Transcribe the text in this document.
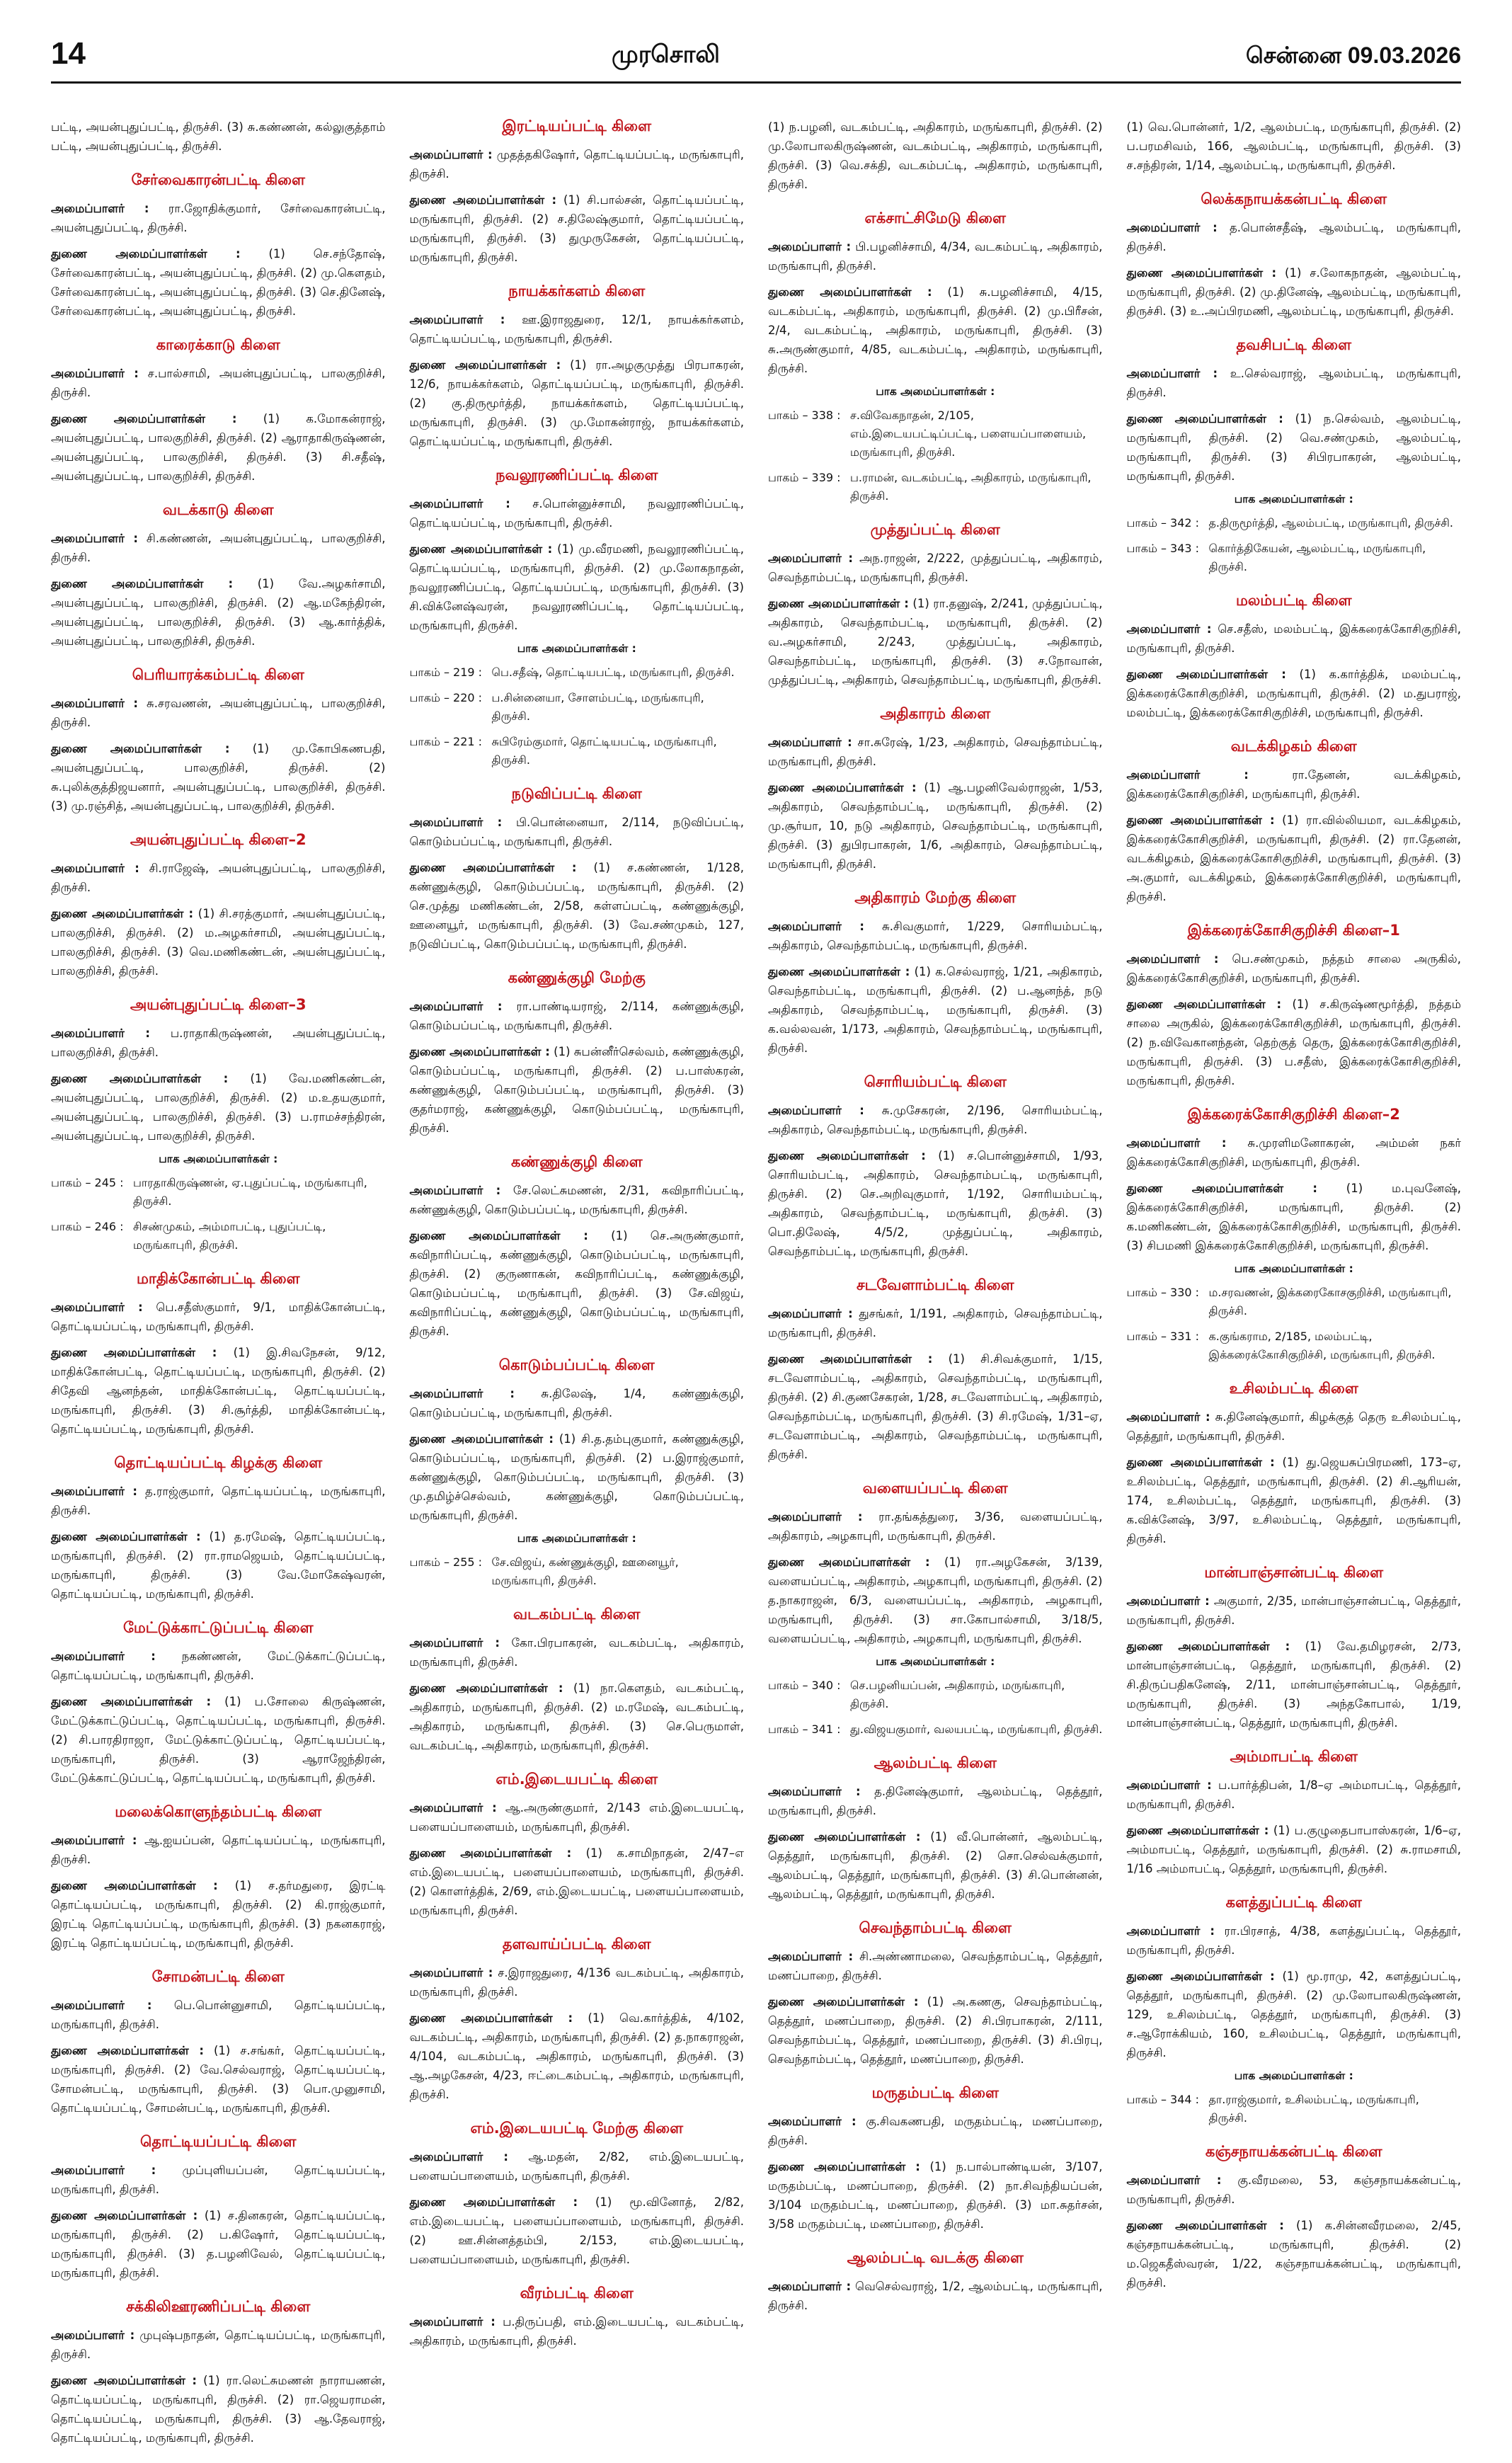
14	முரசொலி	சென்னை 09.03.2026

பட்டி, அயன்புதுப்பட்டி, திருச்சி. (3) சு.கண்ணன், கல்லுகுத்தாம் பட்டி, அயன்புதுப்பட்டி, திருச்சி.

சேர்வைகாரன்பட்டி கிளை

அமைப்பாளர் : ரா.ஜோதிக்குமார், சேர்வைகாரன்பட்டி, அயன்புதுப்பட்டி, திருச்சி.

துணை அமைப்பாளர்கள் : (1) செ.சந்தோஷ், சேர்வைகாரன்பட்டி, அயன்புதுப்பட்டி, திருச்சி. (2) மு.கௌதம், சேர்வைகாரன்பட்டி, அயன்புதுப்பட்டி, திருச்சி. (3) செ.தினேஷ், சேர்வைகாரன்பட்டி, அயன்புதுப்பட்டி, திருச்சி.

காரைக்காடு கிளை

அமைப்பாளர் : ச.பால்சாமி, அயன்புதுப்பட்டி, பாலகுறிச்சி, திருச்சி.

துணை அமைப்பாளர்கள் : (1) க.மோகன்ராஜ், அயன்புதுப்பட்டி, பாலகுறிச்சி, திருச்சி. (2) ஆராதாகிருஷ்ணன், அயன்புதுப்பட்டி, பாலகுறிச்சி, திருச்சி. (3) சி.சதீஷ், அயன்புதுப்பட்டி, பாலகுறிச்சி, திருச்சி.

வடக்காடு கிளை

அமைப்பாளர் : சி.கண்ணன், அயன்புதுப்பட்டி, பாலகுறிச்சி, திருச்சி.

துணை அமைப்பாளர்கள் : (1) வே.அழகர்சாமி, அயன்புதுப்பட்டி, பாலகுறிச்சி, திருச்சி. (2) ஆ.மகேந்திரன், அயன்புதுப்பட்டி, பாலகுறிச்சி, திருச்சி. (3) ஆ.கார்த்திக், அயன்புதுப்பட்டி, பாலகுறிச்சி, திருச்சி.

பெரியாரக்கம்பட்டி கிளை

அமைப்பாளர் : சு.சரவணன், அயன்புதுப்பட்டி, பாலகுறிச்சி, திருச்சி.

துணை அமைப்பாளர்கள் : (1) மு.கோபிகணபதி, அயன்புதுப்பட்டி, பாலகுறிச்சி, திருச்சி. (2) சு.புலிக்குத்திஜயனார், அயன்புதுப்பட்டி, பாலகுறிச்சி, திருச்சி. (3) மு.ரஞ்சித், அயன்புதுப்பட்டி, பாலகுறிச்சி, திருச்சி.

அயன்புதுப்பட்டி கிளை–2

அமைப்பாளர் : சி.ராஜேஷ், அயன்புதுப்பட்டி, பாலகுறிச்சி, திருச்சி.

துணை அமைப்பாளர்கள் : (1) சி.சரத்குமார், அயன்புதுப்பட்டி, பாலகுறிச்சி, திருச்சி. (2) ம.அழகர்சாமி, அயன்புதுப்பட்டி, பாலகுறிச்சி, திருச்சி. (3) வெ.மணிகண்டன், அயன்புதுப்பட்டி, பாலகுறிச்சி, திருச்சி.

அயன்புதுப்பட்டி கிளை–3

அமைப்பாளர் : ப.ராதாகிருஷ்ணன், அயன்புதுப்பட்டி, பாலகுறிச்சி, திருச்சி.

துணை அமைப்பாளர்கள் : (1) வே.மணிகண்டன், அயன்புதுப்பட்டி, பாலகுறிச்சி, திருச்சி. (2) ம.உதயகுமார், அயன்புதுப்பட்டி, பாலகுறிச்சி, திருச்சி. (3) ப.ராமச்சந்திரன், அயன்புதுப்பட்டி, பாலகுறிச்சி, திருச்சி.

பாக அமைப்பாளர்கள் :
பாகம் – 245 : பாரதாகிருஷ்ணன், ஏ.புதுப்பட்டி, மருங்காபுரி, திருச்சி.
பாகம் – 246 : சிசண்முகம், அம்மாபட்டி, புதுப்பட்டி, மருங்காபுரி, திருச்சி.
மாதிக்கோன்பட்டி கிளை

அமைப்பாளர் : பெ.சதீஸ்குமார், 9/1, மாதிக்கோன்பட்டி, தொட்டியப்பட்டி, மருங்காபுரி, திருச்சி.

துணை அமைப்பாளர்கள் : (1) இ.சிவநேசன், 9/12, மாதிக்கோன்பட்டி, தொட்டியப்பட்டி, மருங்காபுரி, திருச்சி. (2) சிதேவி ஆனந்தன், மாதிக்கோன்பட்டி, தொட்டியப்பட்டி, மருங்காபுரி, திருச்சி. (3) சி.சூர்த்தி, மாதிக்கோன்பட்டி, தொட்டியப்பட்டி, மருங்காபுரி, திருச்சி.

தொட்டியப்பட்டி கிழக்கு கிளை

அமைப்பாளர் : த.ராஜ்குமார், தொட்டியப்பட்டி, மருங்காபுரி, திருச்சி.

துணை அமைப்பாளர்கள் : (1) த.ரமேஷ், தொட்டியப்பட்டி, மருங்காபுரி, திருச்சி. (2) ரா.ராமஜெயம், தொட்டியப்பட்டி, மருங்காபுரி, திருச்சி. (3) வே.மோகேஷ்வரன், தொட்டியப்பட்டி, மருங்காபுரி, திருச்சி.

மேட்டுக்காட்டுப்பட்டி கிளை

அமைப்பாளர் : நகண்ணன், மேட்டுக்காட்டுப்பட்டி, தொட்டியப்பட்டி, மருங்காபுரி, திருச்சி.

துணை அமைப்பாளர்கள் : (1) ப.சோலை கிருஷ்ணன், மேட்டுக்காட்டுப்பட்டி, தொட்டியப்பட்டி, மருங்காபுரி, திருச்சி. (2) சி.பாரதிராஜா, மேட்டுக்காட்டுப்பட்டி, தொட்டியப்பட்டி, மருங்காபுரி, திருச்சி. (3) ஆராஜேந்திரன், மேட்டுக்காட்டுப்பட்டி, தொட்டியப்பட்டி, மருங்காபுரி, திருச்சி.

மலைக்கொளுந்தம்பட்டி கிளை

அமைப்பாளர் : ஆ.ஐயப்பன், தொட்டியப்பட்டி, மருங்காபுரி, திருச்சி.

துணை அமைப்பாளர்கள் : (1) ச.தர்மதுரை, இரட்டி தொட்டியப்பட்டி, மருங்காபுரி, திருச்சி. (2) கி.ராஜ்குமார், இரட்டி தொட்டியப்பட்டி, மருங்காபுரி, திருச்சி. (3) நகனகராஜ், இரட்டி தொட்டியப்பட்டி, மருங்காபுரி, திருச்சி.

சோமன்பட்டி கிளை

அமைப்பாளர் : பெ.பொன்னுசாமி, தொட்டியப்பட்டி, மருங்காபுரி, திருச்சி.

துணை அமைப்பாளர்கள் : (1) ச.சங்கர், தொட்டியப்பட்டி, மருங்காபுரி, திருச்சி. (2) வே.செல்வராஜ், தொட்டியப்பட்டி, சோமன்பட்டி, மருங்காபுரி, திருச்சி. (3) பொ.முனுசாமி, தொட்டியப்பட்டி, சோமன்பட்டி, மருங்காபுரி, திருச்சி.

தொட்டியப்பட்டி கிளை

அமைப்பாளர் : முப்புளியப்பன், தொட்டியப்பட்டி, மருங்காபுரி, திருச்சி.

துணை அமைப்பாளர்கள் : (1) ச.தினகரன், தொட்டியப்பட்டி, மருங்காபுரி, திருச்சி. (2) ப.கிஷோர், தொட்டியப்பட்டி, மருங்காபுரி, திருச்சி. (3) த.பழனிவேல், தொட்டியப்பட்டி, மருங்காபுரி, திருச்சி.

சக்கிலிஊரணிப்பட்டி கிளை

அமைப்பாளர் : முபுஷ்பநாதன், தொட்டியப்பட்டி, மருங்காபுரி, திருச்சி.

துணை அமைப்பாளர்கள் : (1) ரா.லெட்சுமணன் நாராயணன், தொட்டியப்பட்டி, மருங்காபுரி, திருச்சி. (2) ரா.ஜெயராமன், தொட்டியப்பட்டி, மருங்காபுரி, திருச்சி. (3) ஆ.தேவராஜ், தொட்டியப்பட்டி, மருங்காபுரி, திருச்சி.

இரட்டியப்பட்டி கிளை

அமைப்பாளர் : முதத்தகிஷோர், தொட்டியப்பட்டி, மருங்காபுரி, திருச்சி.

துணை அமைப்பாளர்கள் : (1) சி.பால்சன், தொட்டியப்பட்டி, மருங்காபுரி, திருச்சி. (2) ச.திலேஷ்குமார், தொட்டியப்பட்டி, மருங்காபுரி, திருச்சி. (3) துமுருகேசன், தொட்டியப்பட்டி, மருங்காபுரி, திருச்சி.

நாயக்கர்களம் கிளை

அமைப்பாளர் : ஊ.இராஜதுரை, 12/1, நாயக்கர்களம், தொட்டியப்பட்டி, மருங்காபுரி, திருச்சி.

துணை அமைப்பாளர்கள் : (1) ரா.அழகுமுத்து பிரபாகரன், 12/6, நாயக்கர்களம், தொட்டியப்பட்டி, மருங்காபுரி, திருச்சி. (2) கு.திருமூர்த்தி, நாயக்கர்களம், தொட்டியப்பட்டி, மருங்காபுரி, திருச்சி. (3) மு.மோகன்ராஜ், நாயக்கர்களம், தொட்டியப்பட்டி, மருங்காபுரி, திருச்சி.

நவலூரணிப்பட்டி கிளை

அமைப்பாளர் : ச.பொன்னுச்சாமி, நவலூரணிப்பட்டி, தொட்டியப்பட்டி, மருங்காபுரி, திருச்சி.

துணை அமைப்பாளர்கள் : (1) மு.வீரமணி, நவலூரணிப்பட்டி, தொட்டியப்பட்டி, மருங்காபுரி, திருச்சி. (2) மு.லோகநாதன், நவலூரணிப்பட்டி, தொட்டியப்பட்டி, மருங்காபுரி, திருச்சி. (3) சி.விக்னேஷ்வரன், நவலூரணிப்பட்டி, தொட்டியப்பட்டி, மருங்காபுரி, திருச்சி.

பாக அமைப்பாளர்கள் :
பாகம் – 219 : பெ.சதீஷ், தொட்டியபட்டி, மருங்காபுரி, திருச்சி.
பாகம் – 220 : ப.சின்னையா, சோளம்பட்டி, மருங்காபுரி, திருச்சி.
பாகம் – 221 : சுபிரேம்குமார், தொட்டியபட்டி, மருங்காபுரி, திருச்சி.
நடுவிப்பட்டி கிளை

அமைப்பாளர் : பி.பொன்னையா, 2/114, நடுவிப்பட்டி, கொடும்பப்பட்டி, மருங்காபுரி, திருச்சி.

துணை அமைப்பாளர்கள் : (1) ச.கண்ணன், 1/128, கண்ணுக்குழி, கொடும்பப்பட்டி, மருங்காபுரி, திருச்சி. (2) செ.முத்து மணிகண்டன், 2/58, கள்ளப்பட்டி, கண்ணுக்குழி, ஊனையூர், மருங்காபுரி, திருச்சி. (3) வே.சண்முகம், 127, நடுவிப்பட்டி, கொடும்பப்பட்டி, மருங்காபுரி, திருச்சி.

கண்ணுக்குழி மேற்கு

அமைப்பாளர் : ரா.பாண்டியராஜ், 2/114, கண்ணுக்குழி, கொடும்பப்பட்டி, மருங்காபுரி, திருச்சி.

துணை அமைப்பாளர்கள் : (1) சுபன்னீர்செல்வம், கண்ணுக்குழி, கொடும்பப்பட்டி, மருங்காபுரி, திருச்சி. (2) ப.பாஸ்கரன், கண்ணுக்குழி, கொடும்பப்பட்டி, மருங்காபுரி, திருச்சி. (3) குதர்மராஜ், கண்ணுக்குழி, கொடும்பப்பட்டி, மருங்காபுரி, திருச்சி.

கண்ணுக்குழி கிளை

அமைப்பாளர் : சே.லெட்சுமணன், 2/31, கவிநாரிப்பட்டி, கண்ணுக்குழி, கொடும்பப்பட்டி, மருங்காபுரி, திருச்சி.

துணை அமைப்பாளர்கள் : (1) செ.அருண்குமார், கவிநாரிப்பட்டி, கண்ணுக்குழி, கொடும்பப்பட்டி, மருங்காபுரி, திருச்சி. (2) குருணாகன், கவிநாரிப்பட்டி, கண்ணுக்குழி, கொடும்பப்பட்டி, மருங்காபுரி, திருச்சி. (3) சே.விஜய், கவிநாரிப்பட்டி, கண்ணுக்குழி, கொடும்பப்பட்டி, மருங்காபுரி, திருச்சி.

கொடும்பப்பட்டி கிளை

அமைப்பாளர் : சு.திலேஷ், 1/4, கண்ணுக்குழி, கொடும்பப்பட்டி, மருங்காபுரி, திருச்சி.

துணை அமைப்பாளர்கள் : (1) சி.த.தம்புகுமார், கண்ணுக்குழி, கொடும்பப்பட்டி, மருங்காபுரி, திருச்சி. (2) ப.இராஜ்குமார், கண்ணுக்குழி, கொடும்பப்பட்டி, மருங்காபுரி, திருச்சி. (3) மு.தமிழ்ச்செல்வம், கண்ணுக்குழி, கொடும்பப்பட்டி, மருங்காபுரி, திருச்சி.

பாக அமைப்பாளர்கள் :
பாகம் – 255 : சே.விஜய், கண்ணுக்குழி, ஊனையூர், மருங்காபுரி, திருச்சி.
வடகம்பட்டி கிளை

அமைப்பாளர் : கோ.பிரபாகரன், வடகம்பட்டி, அதிகாரம், மருங்காபுரி, திருச்சி.

துணை அமைப்பாளர்கள் : (1) நா.கௌதம், வடகம்பட்டி, அதிகாரம், மருங்காபுரி, திருச்சி. (2) ம.ரமேஷ், வடகம்பட்டி, அதிகாரம், மருங்காபுரி, திருச்சி. (3) செ.பெருமாள், வடகம்பட்டி, அதிகாரம், மருங்காபுரி, திருச்சி.

எம்.இடையபட்டி கிளை

அமைப்பாளர் : ஆ.அருண்குமார், 2/143 எம்.இடையபட்டி, பளையப்பாளையம், மருங்காபுரி, திருச்சி.

துணை அமைப்பாளர்கள் : (1) க.சாமிநாதன், 2/47–எ எம்.இடையபட்டி, பளையப்பாளையம், மருங்காபுரி, திருச்சி. (2) கொளர்த்திக், 2/69, எம்.இடையபட்டி, பளையப்பாளையம், மருங்காபுரி, திருச்சி.

தளவாய்ப்பட்டி கிளை

அமைப்பாளர் : ச.இராஜதுரை, 4/136 வடகம்பட்டி, அதிகாரம், மருங்காபுரி, திருச்சி.

துணை அமைப்பாளர்கள் : (1) வெ.கார்த்திக், 4/102, வடகம்பட்டி, அதிகாரம், மருங்காபுரி, திருச்சி. (2) த.நாகராஜன், 4/104, வடகம்பட்டி, அதிகாரம், மருங்காபுரி, திருச்சி. (3) ஆ.அழகேசன், 4/23, ஈட்டைகம்பட்டி, அதிகாரம், மருங்காபுரி, திருச்சி.

எம்.இடையபட்டி மேற்கு கிளை

அமைப்பாளர் : ஆ.மதன், 2/82, எம்.இடையபட்டி, பளையப்பாளையம், மருங்காபுரி, திருச்சி.

துணை அமைப்பாளர்கள் : (1) மூ.வினோத், 2/82, எம்.இடையபட்டி, பளையப்பாளையம், மருங்காபுரி, திருச்சி. (2) ஊ.சின்னத்தம்பி, 2/153, எம்.இடையபட்டி, பளையப்பாளையம், மருங்காபுரி, திருச்சி.

வீரம்பட்டி கிளை

அமைப்பாளர் : ப.திருப்பதி, எம்.இடையபட்டி, வடகம்பட்டி, அதிகாரம், மருங்காபுரி, திருச்சி.

(1) ந.பழனி, வடகம்பட்டி, அதிகாரம், மருங்காபுரி, திருச்சி. (2) மு.லோபாலகிருஷ்ணன், வடகம்பட்டி, அதிகாரம், மருங்காபுரி, திருச்சி. (3) வெ.சக்தி, வடகம்பட்டி, அதிகாரம், மருங்காபுரி, திருச்சி.

எக்சாட்சிமேடு கிளை

அமைப்பாளர் : பி.பழனிச்சாமி, 4/34, வடகம்பட்டி, அதிகாரம், மருங்காபுரி, திருச்சி.

துணை அமைப்பாளர்கள் : (1) சு.பழனிச்சாமி, 4/15, வடகம்பட்டி, அதிகாரம், மருங்காபுரி, திருச்சி. (2) மு.பிரீசன், 2/4, வடகம்பட்டி, அதிகாரம், மருங்காபுரி, திருச்சி. (3) சு.அருண்குமார், 4/85, வடகம்பட்டி, அதிகாரம், மருங்காபுரி, திருச்சி.

பாக அமைப்பாளர்கள் :
பாகம் – 338 : ச.விவேகநாதன், 2/105, எம்.இடையபட்டிப்பட்டி, பளையப்பாளையம், மருங்காபுரி, திருச்சி.
பாகம் – 339 : ப.ராமன், வடகம்பட்டி, அதிகாரம், மருங்காபுரி, திருச்சி.
முத்துப்பட்டி கிளை

அமைப்பாளர் : அந.ராஜன், 2/222, முத்துப்பட்டி, அதிகாரம், செவந்தாம்பட்டி, மருங்காபுரி, திருச்சி.

துணை அமைப்பாளர்கள் : (1) ரா.தனுஷ், 2/241, முத்துப்பட்டி, அதிகாரம், செவந்தாம்பட்டி, மருங்காபுரி, திருச்சி. (2) வ.அழகர்சாமி, 2/243, முத்துப்பட்டி, அதிகாரம், செவந்தாம்பட்டி, மருங்காபுரி, திருச்சி. (3) ச.நோவான், முத்துப்பட்டி, அதிகாரம், செவந்தாம்பட்டி, மருங்காபுரி, திருச்சி.

அதிகாரம் கிளை

அமைப்பாளர் : சா.சுரேஷ், 1/23, அதிகாரம், செவந்தாம்பட்டி, மருங்காபுரி, திருச்சி.

துணை அமைப்பாளர்கள் : (1) ஆ.பழனிவேல்ராஜன், 1/53, அதிகாரம், செவந்தாம்பட்டி, மருங்காபுரி, திருச்சி. (2) மு.சூர்யா, 10, நடு அதிகாரம், செவந்தாம்பட்டி, மருங்காபுரி, திருச்சி. (3) துபிரபாகரன், 1/6, அதிகாரம், செவந்தாம்பட்டி, மருங்காபுரி, திருச்சி.

அதிகாரம் மேற்கு கிளை

அமைப்பாளர் : சு.சிவகுமார், 1/229, சொரியம்பட்டி, அதிகாரம், செவந்தாம்பட்டி, மருங்காபுரி, திருச்சி.

துணை அமைப்பாளர்கள் : (1) க.செல்வராஜ், 1/21, அதிகாரம், செவந்தாம்பட்டி, மருங்காபுரி, திருச்சி. (2) ப.ஆனந்த், நடு அதிகாரம், செவந்தாம்பட்டி, மருங்காபுரி, திருச்சி. (3) க.வல்லவன், 1/173, அதிகாரம், செவந்தாம்பட்டி, மருங்காபுரி, திருச்சி.

சொரியம்பட்டி கிளை

அமைப்பாளர் : சு.முசேகரன், 2/196, சொரியம்பட்டி, அதிகாரம், செவந்தாம்பட்டி, மருங்காபுரி, திருச்சி.

துணை அமைப்பாளர்கள் : (1) ச.பொன்னுச்சாமி, 1/93, சொரியம்பட்டி, அதிகாரம், செவந்தாம்பட்டி, மருங்காபுரி, திருச்சி. (2) செ.அறிவுகுமார், 1/192, சொரியம்பட்டி, அதிகாரம், செவந்தாம்பட்டி, மருங்காபுரி, திருச்சி. (3) பொ.திலேஷ், 4/5/2, முத்துப்பட்டி, அதிகாரம், செவந்தாம்பட்டி, மருங்காபுரி, திருச்சி.

சடவேளாம்பட்டி கிளை

அமைப்பாளர் : துசங்கர், 1/191, அதிகாரம், செவந்தாம்பட்டி, மருங்காபுரி, திருச்சி.

துணை அமைப்பாளர்கள் : (1) சி.சிவக்குமார், 1/15, சடவேளாம்பட்டி, அதிகாரம், செவந்தாம்பட்டி, மருங்காபுரி, திருச்சி. (2) சி.குணசேகரன், 1/28, சடவேளாம்பட்டி, அதிகாரம், செவந்தாம்பட்டி, மருங்காபுரி, திருச்சி. (3) சி.ரமேஷ், 1/31–ஏ, சடவேளாம்பட்டி, அதிகாரம், செவந்தாம்பட்டி, மருங்காபுரி, திருச்சி.

வளையப்பட்டி கிளை

அமைப்பாளர் : ரா.தங்கத்துரை, 3/36, வளையப்பட்டி, அதிகாரம், அழகாபுரி, மருங்காபுரி, திருச்சி.

துணை அமைப்பாளர்கள் : (1) ரா.அழகேசன், 3/139, வளையப்பட்டி, அதிகாரம், அழகாபுரி, மருங்காபுரி, திருச்சி. (2) த.நாகராஜன், 6/3, வளையப்பட்டி, அதிகாரம், அழகாபுரி, மருங்காபுரி, திருச்சி. (3) சா.கோபால்சாமி, 3/18/5, வளையப்பட்டி, அதிகாரம், அழகாபுரி, மருங்காபுரி, திருச்சி.

பாக அமைப்பாளர்கள் :
பாகம் – 340 : செ.பழனியப்பன், அதிகாரம், மருங்காபுரி, திருச்சி.
பாகம் – 341 : து.விஜயகுமார், வலயபட்டி, மருங்காபுரி, திருச்சி.
ஆலம்பட்டி கிளை

அமைப்பாளர் : த.தினேஷ்குமார், ஆலம்பட்டி, தெத்தூர், மருங்காபுரி, திருச்சி.

துணை அமைப்பாளர்கள் : (1) வீ.பொன்னர், ஆலம்பட்டி, தெத்தூர், மருங்காபுரி, திருச்சி. (2) சொ.செல்வக்குமார், ஆலம்பட்டி, தெத்தூர், மருங்காபுரி, திருச்சி. (3) சி.பொன்னன், ஆலம்பட்டி, தெத்தூர், மருங்காபுரி, திருச்சி.

செவந்தாம்பட்டி கிளை

அமைப்பாளர் : சி.அண்ணாமலை, செவந்தாம்பட்டி, தெத்தூர், மணப்பாறை, திருச்சி.

துணை அமைப்பாளர்கள் : (1) அ.கணகு, செவந்தாம்பட்டி, தெத்தூர், மணப்பாறை, திருச்சி. (2) சி.பிரபாகரன், 2/111, செவந்தாம்பட்டி, தெத்தூர், மணப்பாறை, திருச்சி. (3) சி.பிரபு, செவந்தாம்பட்டி, தெத்தூர், மணப்பாறை, திருச்சி.

மருதம்பட்டி கிளை

அமைப்பாளர் : கு.சிவகணபதி, மருதம்பட்டி, மணப்பாறை, திருச்சி.

துணை அமைப்பாளர்கள் : (1) ந.பால்பாண்டியன், 3/107, மருதம்பட்டி, மணப்பாறை, திருச்சி. (2) நா.சிவந்தியப்பன், 3/104 மருதம்பட்டி, மணப்பாறை, திருச்சி. (3) மா.சுதர்சன், 3/58 மருதம்பட்டி, மணப்பாறை, திருச்சி.

ஆலம்பட்டி வடக்கு கிளை

அமைப்பாளர் : வெசெல்வராஜ், 1/2, ஆலம்பட்டி, மருங்காபுரி, திருச்சி.

(1) வெ.பொன்னர், 1/2, ஆலம்பட்டி, மருங்காபுரி, திருச்சி. (2) ப.பரமசிவம், 166, ஆலம்பட்டி, மருங்காபுரி, திருச்சி. (3) ச.சந்திரன், 1/14, ஆலம்பட்டி, மருங்காபுரி, திருச்சி.

லெக்கநாயக்கன்பட்டி கிளை

அமைப்பாளர் : த.பொன்சதீஷ், ஆலம்பட்டி, மருங்காபுரி, திருச்சி.

துணை அமைப்பாளர்கள் : (1) ச.லோகநாதன், ஆலம்பட்டி, மருங்காபுரி, திருச்சி. (2) மு.தினேஷ், ஆலம்பட்டி, மருங்காபுரி, திருச்சி. (3) உ.அப்பிரமணி, ஆலம்பட்டி, மருங்காபுரி, திருச்சி.

தவசிபட்டி கிளை

அமைப்பாளர் : உ.செல்வராஜ், ஆலம்பட்டி, மருங்காபுரி, திருச்சி.

துணை அமைப்பாளர்கள் : (1) ந.செல்வம், ஆலம்பட்டி, மருங்காபுரி, திருச்சி. (2) வெ.சண்முகம், ஆலம்பட்டி, மருங்காபுரி, திருச்சி. (3) சிபிரபாகரன், ஆலம்பட்டி, மருங்காபுரி, திருச்சி.

பாக அமைப்பாளர்கள் :
பாகம் – 342 : த.திருமூர்த்தி, ஆலம்பட்டி, மருங்காபுரி, திருச்சி.
பாகம் – 343 : கொர்த்திகேயன், ஆலம்பட்டி, மருங்காபுரி, திருச்சி.
மலம்பட்டி கிளை

அமைப்பாளர் : செ.சதீஸ், மலம்பட்டி, இக்கரைக்கோசிகுறிச்சி, மருங்காபுரி, திருச்சி.

துணை அமைப்பாளர்கள் : (1) க.கார்த்திக், மலம்பட்டி, இக்கரைக்கோசிகுறிச்சி, மருங்காபுரி, திருச்சி. (2) ம.துபராஜ், மலம்பட்டி, இக்கரைக்கோசிகுறிச்சி, மருங்காபுரி, திருச்சி.

வடக்கிழகம் கிளை

அமைப்பாளர் :	ரா.தேனன், வடக்கிழகம், இக்கரைக்கோசிகுறிச்சி, மருங்காபுரி, திருச்சி.

துணை அமைப்பாளர்கள் : (1) ரா.வில்லியமா, வடக்கிழகம், இக்கரைக்கோசிகுறிச்சி, மருங்காபுரி, திருச்சி. (2) ரா.தேனன், வடக்கிழகம், இக்கரைக்கோசிகுறிச்சி, மருங்காபுரி, திருச்சி. (3) அ.குமார், வடக்கிழகம், இக்கரைக்கோசிகுறிச்சி, மருங்காபுரி, திருச்சி.

இக்கரைக்கோசிகுறிச்சி கிளை–1

அமைப்பாளர் : பெ.சண்முகம், நத்தம் சாலை அருகில், இக்கரைக்கோசிகுறிச்சி, மருங்காபுரி, திருச்சி.

துணை அமைப்பாளர்கள் : (1) ச.கிருஷ்ணமூர்த்தி, நத்தம் சாலை அருகில், இக்கரைக்கோசிகுறிச்சி, மருங்காபுரி, திருச்சி. (2) ந.விவேகானந்தன், தெற்குத் தெரு, இக்கரைக்கோசிகுறிச்சி, மருங்காபுரி, திருச்சி. (3) ப.சதீஸ், இக்கரைக்கோசிகுறிச்சி, மருங்காபுரி, திருச்சி.

இக்கரைக்கோசிகுறிச்சி கிளை–2

அமைப்பாளர் : சு.முரளிமனோகரன், அம்மன் நகர் இக்கரைக்கோசிகுறிச்சி, மருங்காபுரி, திருச்சி.

துணை அமைப்பாளர்கள் : (1) ம.புவனேஷ், இக்கரைக்கோசிகுறிச்சி, மருங்காபுரி, திருச்சி. (2) க.மணிகண்டன், இக்கரைக்கோசிகுறிச்சி, மருங்காபுரி, திருச்சி. (3) சிபமணி இக்கரைக்கோசிகுறிச்சி, மருங்காபுரி, திருச்சி.

பாக அமைப்பாளர்கள் :
பாகம் – 330 : ம.சரவணன், இக்கரைகோசகுறிச்சி, மருங்காபுரி, திருச்சி.
பாகம் – 331 : க.குங்கராம, 2/185, மலம்பட்டி, இக்கரைக்கோசிகுறிச்சி, மருங்காபுரி, திருச்சி.
உசிலம்பட்டி கிளை

அமைப்பாளர் : சு.தினேஷ்குமார், கிழக்குத் தெரு உசிலம்பட்டி, தெத்தூர், மருங்காபுரி, திருச்சி.

துணை அமைப்பாளர்கள் : (1) து.ஜெயசுப்பிரமணி, 173–ஏ, உசிலம்பட்டி, தெத்தூர், மருங்காபுரி, திருச்சி. (2) சி.ஆரியன், 174, உசிலம்பட்டி, தெத்தூர், மருங்காபுரி, திருச்சி. (3) க.விக்னேஷ், 3/97, உசிலம்பட்டி, தெத்தூர், மருங்காபுரி, திருச்சி.

மான்பாஞ்சான்பட்டி கிளை

அமைப்பாளர் : அகுமார், 2/35, மான்பாஞ்சான்பட்டி, தெத்தூர், மருங்காபுரி, திருச்சி.

துணை அமைப்பாளர்கள் : (1) வே.தமிழரசன், 2/73, மான்பாஞ்சான்பட்டி, தெத்தூர், மருங்காபுரி, திருச்சி. (2) சி.திருப்பதிகனேஷ், 2/11, மான்பாஞ்சான்பட்டி, தெத்தூர், மருங்காபுரி, திருச்சி. (3) அந்தகோபால், 1/19, மான்பாஞ்சான்பட்டி, தெத்தூர், மருங்காபுரி, திருச்சி.

அம்மாபட்டி கிளை

அமைப்பாளர் : ப.பார்த்திபன், 1/8–ஏ அம்மாபட்டி, தெத்தூர், மருங்காபுரி, திருச்சி.

துணை அமைப்பாளர்கள் : (1) ப.குழுதைபாபாஸ்கரன், 1/6–ஏ, அம்மாபட்டி, தெத்தூர், மருங்காபுரி, திருச்சி. (2) சு.ராமசாமி, 1/16 அம்மாபட்டி, தெத்தூர், மருங்காபுரி, திருச்சி.

களத்துப்பட்டி கிளை

அமைப்பாளர் : ரா.பிரசாத், 4/38, களத்துப்பட்டி, தெத்தூர், மருங்காபுரி, திருச்சி.

துணை அமைப்பாளர்கள் : (1) மூ.ராமு, 42, களத்துப்பட்டி, தெத்தூர், மருங்காபுரி, திருச்சி. (2) மு.லோபாலகிருஷ்ணன், 129, உசிலம்பட்டி, தெத்தூர், மருங்காபுரி, திருச்சி. (3) ச.ஆரோக்கியம், 160, உசிலம்பட்டி, தெத்தூர், மருங்காபுரி, திருச்சி.

பாக அமைப்பாளர்கள் :
பாகம் – 344 : தா.ராஜ்குமார், உசிலம்பட்டி, மருங்காபுரி, திருச்சி.
கஞ்சநாயக்கன்பட்டி கிளை

அமைப்பாளர் : கு.வீரமலை, 53, கஞ்சநாயக்கன்பட்டி, மருங்காபுரி, திருச்சி.

துணை அமைப்பாளர்கள் : (1) க.சின்னவீரமலை, 2/45, கஞ்சநாயக்கன்பட்டி, மருங்காபுரி, திருச்சி. (2) ம.ஜெகதீஸ்வரன், 1/22, கஞ்சநாயக்கன்பட்டி, மருங்காபுரி, திருச்சி.
